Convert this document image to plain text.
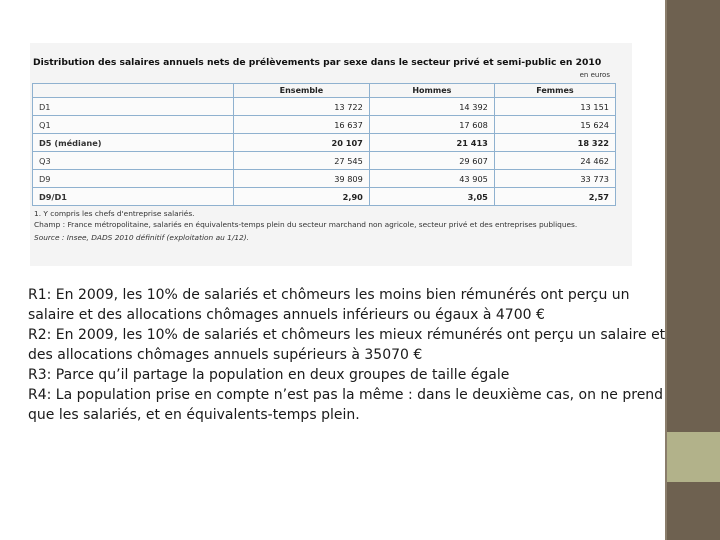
Distribution des salaires annuels nets de prélèvements par sexe dans le secteur privé et semi-public en 2010
en euros
	Ensemble	Hommes	Femmes
D1	13 722	14 392	13 151
Q1	16 637	17 608	15 624
D5 (médiane)	20 107	21 413	18 322
Q3	27 545	29 607	24 462
D9	39 809	43 905	33 773
D9/D1	2,90	3,05	2,57
1. Y compris les chefs d'entreprise salariés.
Champ : France métropolitaine, salariés en équivalents-temps plein du secteur marchand non agricole, secteur privé et des entreprises publiques.
Source : Insee, DADS 2010 définitif (exploitation au 1/12).

R1: En 2009, les 10% de salariés et chômeurs les moins bien rémunérés ont perçu un salaire et des allocations chômages annuels inférieurs ou égaux à 4700 €

R2: En 2009, les 10% de salariés et chômeurs les mieux rémunérés ont perçu un salaire et des allocations chômages annuels supérieurs à 35070 €

R3: Parce qu’il partage la population en deux groupes de taille égale

R4: La population prise en compte n’est pas la même : dans le deuxième cas, on ne prend que les salariés, et en équivalents-temps plein.
